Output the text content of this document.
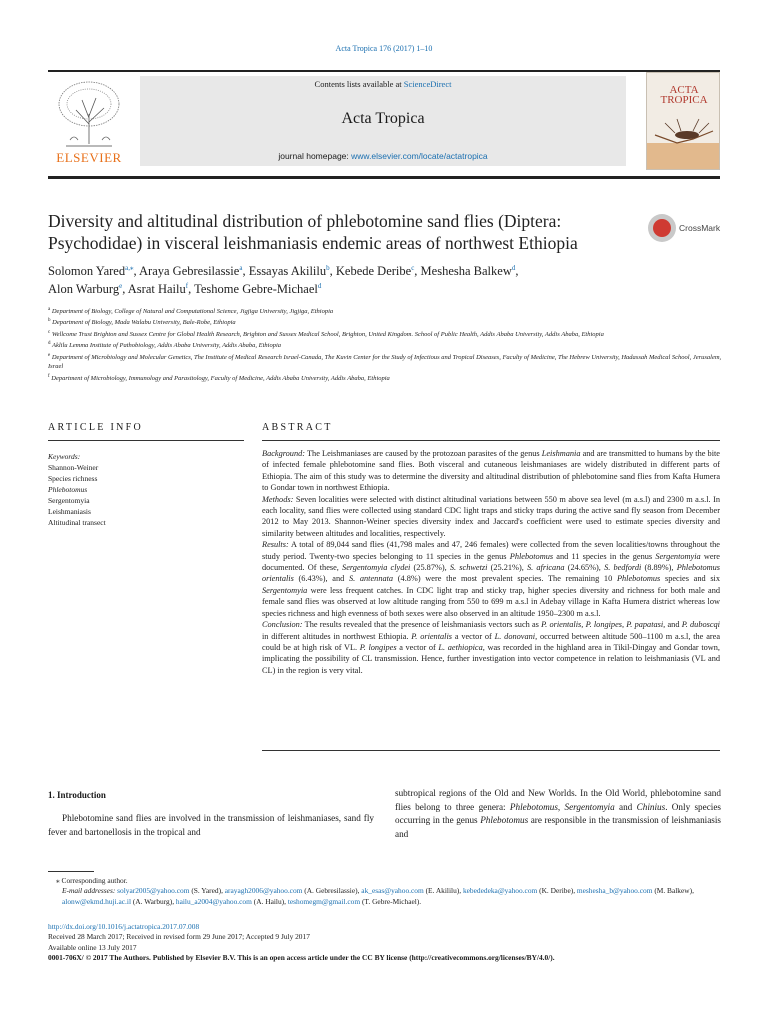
Acta Tropica 176 (2017) 1–10
ELSEVIER
Contents lists available at ScienceDirect
Acta Tropica
journal homepage: www.elsevier.com/locate/actatropica
ACTA
TROPICA
Diversity and altitudinal distribution of phlebotomine sand flies (Diptera: Psychodidae) in visceral leishmaniasis endemic areas of northwest Ethiopia
CrossMark
Solomon Yared$^{a,⁎}$, Araya Gebresilassie$^a$, Essayas Akililu$^b$, Kebede Deribe$^c$, Meshesha Balkew$^d$,
Alon Warburg$^e$, Asrat Hailu$^f$, Teshome Gebre-Michael$^d$
$^a$ Department of Biology, College of Natural and Computational Science, Jigjiga University, Jigjiga, Ethiopia
$^b$ Department of Biology, Mada Walabu University, Bale-Robe, Ethiopia
$^c$ Wellcome Trust Brighton and Sussex Centre for Global Health Research, Brighton and Sussex Medical School, Brighton, United Kingdom. School of Public Health, Addis Ababa University, Addis Ababa, Ethiopia
$^d$ Aklilu Lemma Institute of Pathobiology, Addis Ababa University, Addis Ababa, Ethiopia
$^e$ Department of Microbiology and Molecular Genetics, The Institute of Medical Research Israel-Canada, The Kuvin Center for the Study of Infectious and Tropical Diseases, Faculty of Medicine, The Hebrew University, Hadassah Medical School, Jerusalem, Israel
$^f$ Department of Microbiology, Immunology and Parasitology, Faculty of Medicine, Addis Ababa University, Addis Ababa, Ethiopia
ARTICLE INFO	ABSTRACT
Keywords:
Shannon-Weiner
Species richness
Phlebotomus
Sergentomyia
Leishmaniasis
Altitudinal transect
Background: The Leishmaniases are caused by the protozoan parasites of the genus Leishmania and are transmitted to humans by the bite of infected female phlebotomine sand flies. Both visceral and cutaneous leishmaniases are widely distributed in different parts of Ethiopia. The aim of this study was to determine the diversity and altitudinal distribution of phlebotomine sand flies from Kafta Humera to Gondar town in northwest Ethiopia.
Methods: Seven localities were selected with distinct altitudinal variations between 550 m above sea level (m a.s.l) and 2300 m a.s.l. In each locality, sand flies were collected using standard CDC light traps and sticky traps during the active sand fly season from December 2012 to May 2013. Shannon-Weiner species diversity index and Jaccard's coefficient were used to estimate species diversity and similarity between altitudes and localities, respectively.
Results: A total of 89,044 sand flies (41,798 males and 47, 246 females) were collected from the seven localities/towns throughout the study period. Twenty-two species belonging to 11 species in the genus Phlebotomus and 11 species in the genus Sergentomyia were documented. Of these, Sergentomyia clydei (25.87%), S. schwetzi (25.21%), S. africana (24.65%), S. bedfordi (8.89%), Phlebotomus orientalis (6.43%), and S. antennata (4.8%) were the most prevalent species. The remaining 10 Phlebotomus species and six Sergentomyia were less frequent catches. In CDC light trap and sticky trap, higher species diversity and richness for both male and female sand flies was observed at low altitude ranging from 550 to 699 m a.s.l in Adebay village in Kafta Humera district whereas low species richness and high evenness of both sexes were also observed in an altitude 1950–2300 m a.s.l.
Conclusion: The results revealed that the presence of leishmaniasis vectors such as P. orientalis, P. longipes, P. papatasi, and P. duboscqi in different altitudes in northwest Ethiopia. P. orientalis a vector of L. donovani, occurred between altitude 500–1100 m a.s.l, the area could be at high risk of VL. P. longipes a vector of L. aethiopica, was recorded in the highland area in Tikil-Dingay and Gondar town, implicating the possibility of CL transmission. Hence, further investigation into vector competence in relation to leishmaniasis (VL and CL) in the region is very vital.
1. Introduction
Phlebotomine sand flies are involved in the transmission of leishmaniases, sand fly fever and bartonellosis in the tropical and
subtropical regions of the Old and New Worlds. In the Old World, phlebotomine sand flies belong to three genera: Phlebotomus, Sergentomyia and Chinius. Only species occurring in the genus Phlebotomus are responsible in the transmission of leishmaniasis and
⁎ Corresponding author.
E-mail addresses: solyar2005@yahoo.com (S. Yared), arayagh2006@yahoo.com (A. Gebresilassie), ak_esas@yahoo.com (E. Akililu), kebededeka@yahoo.com (K. Deribe), meshesha_b@yahoo.com (M. Balkew), alonw@ekmd.huji.ac.il (A. Warburg), hailu_a2004@yahoo.com (A. Hailu), teshomegm@gmail.com (T. Gebre-Michael).
http://dx.doi.org/10.1016/j.actatropica.2017.07.008
Received 28 March 2017; Received in revised form 29 June 2017; Accepted 9 July 2017
Available online 13 July 2017
0001-706X/ © 2017 The Authors. Published by Elsevier B.V. This is an open access article under the CC BY license (http://creativecommons.org/licenses/BY/4.0/).
